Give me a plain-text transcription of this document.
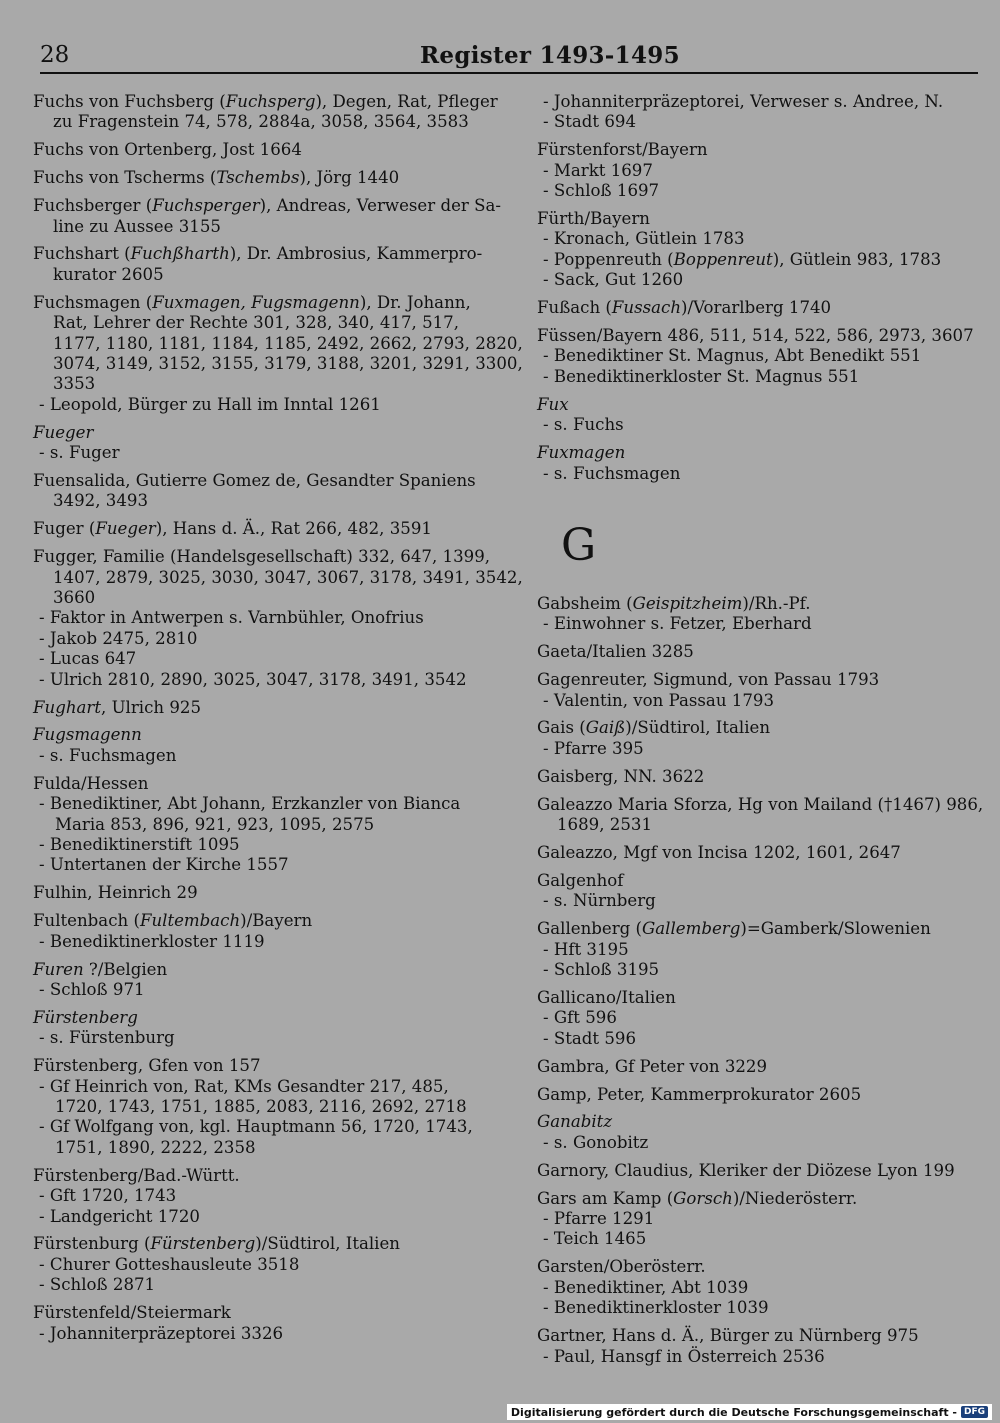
28	Register 1493-1495
Fuchs von Fuchsberg (Fuchsperg), Degen, Rat, Pfleger
zu Fragenstein 74, 578, 2884a, 3058, 3564, 3583
Fuchs von Ortenberg, Jost 1664
Fuchs von Tscherms (Tschembs), Jörg 1440
Fuchsberger (Fuchsperger), Andreas, Verweser der Sa-
line zu Aussee 3155
Fuchshart (Fuchßharth), Dr. Ambrosius, Kammerpro-
kurator 2605
Fuchsmagen (Fuxmagen, Fugsmagenn), Dr. Johann,
Rat, Lehrer der Rechte 301, 328, 340, 417, 517,
1177, 1180, 1181, 1184, 1185, 2492, 2662, 2793, 2820,
3074, 3149, 3152, 3155, 3179, 3188, 3201, 3291, 3300,
3353
- Leopold, Bürger zu Hall im Inntal 1261
Fueger
- s. Fuger
Fuensalida, Gutierre Gomez de, Gesandter Spaniens
3492, 3493
Fuger (Fueger), Hans d. Ä., Rat 266, 482, 3591
Fugger, Familie (Handelsgesellschaft) 332, 647, 1399,
1407, 2879, 3025, 3030, 3047, 3067, 3178, 3491, 3542,
3660
- Faktor in Antwerpen s. Varnbühler, Onofrius
- Jakob 2475, 2810
- Lucas 647
- Ulrich 2810, 2890, 3025, 3047, 3178, 3491, 3542
Fughart, Ulrich 925
Fugsmagenn
- s. Fuchsmagen
Fulda/Hessen
- Benediktiner, Abt Johann, Erzkanzler von Bianca
Maria 853, 896, 921, 923, 1095, 2575
- Benediktinerstift 1095
- Untertanen der Kirche 1557
Fulhin, Heinrich 29
Fultenbach (Fultembach)/Bayern
- Benediktinerkloster 1119
Furen ?/Belgien
- Schloß 971
Fürstenberg
- s. Fürstenburg
Fürstenberg, Gfen von 157
- Gf Heinrich von, Rat, KMs Gesandter 217, 485,
1720, 1743, 1751, 1885, 2083, 2116, 2692, 2718
- Gf Wolfgang von, kgl. Hauptmann 56, 1720, 1743,
1751, 1890, 2222, 2358
Fürstenberg/Bad.-Württ.
- Gft 1720, 1743
- Landgericht 1720
Fürstenburg (Fürstenberg)/Südtirol, Italien
- Churer Gotteshausleute 3518
- Schloß 2871
Fürstenfeld/Steiermark
- Johanniterpräzeptorei 3326
- Johanniterpräzeptorei, Verweser s. Andree, N.
- Stadt 694
Fürstenforst/Bayern
- Markt 1697
- Schloß 1697
Fürth/Bayern
- Kronach, Gütlein 1783
- Poppenreuth (Boppenreut), Gütlein 983, 1783
- Sack, Gut 1260
Fußach (Fussach)/Vorarlberg 1740
Füssen/Bayern 486, 511, 514, 522, 586, 2973, 3607
- Benediktiner St. Magnus, Abt Benedikt 551
- Benediktinerkloster St. Magnus 551
Fux
- s. Fuchs
Fuxmagen
- s. Fuchsmagen
G
Gabsheim (Geispitzheim)/Rh.-Pf.
- Einwohner s. Fetzer, Eberhard
Gaeta/Italien 3285
Gagenreuter, Sigmund, von Passau 1793
- Valentin, von Passau 1793
Gais (Gaiß)/Südtirol, Italien
- Pfarre 395
Gaisberg, NN. 3622
Galeazzo Maria Sforza, Hg von Mailand (†1467) 986,
1689, 2531
Galeazzo, Mgf von Incisa 1202, 1601, 2647
Galgenhof
- s. Nürnberg
Gallenberg (Gallemberg)=Gamberk/Slowenien
- Hft 3195
- Schloß 3195
Gallicano/Italien
- Gft 596
- Stadt 596
Gambra, Gf Peter von 3229
Gamp, Peter, Kammerprokurator 2605
Ganabitz
- s. Gonobitz
Garnory, Claudius, Kleriker der Diözese Lyon 199
Gars am Kamp (Gorsch)/Niederösterr.
- Pfarre 1291
- Teich 1465
Garsten/Oberösterr.
- Benediktiner, Abt 1039
- Benediktinerkloster 1039
Gartner, Hans d. Ä., Bürger zu Nürnberg 975
- Paul, Hansgf in Österreich 2536
Digitalisierung gefördert durch die Deutsche Forschungsgemeinschaft - DFG
